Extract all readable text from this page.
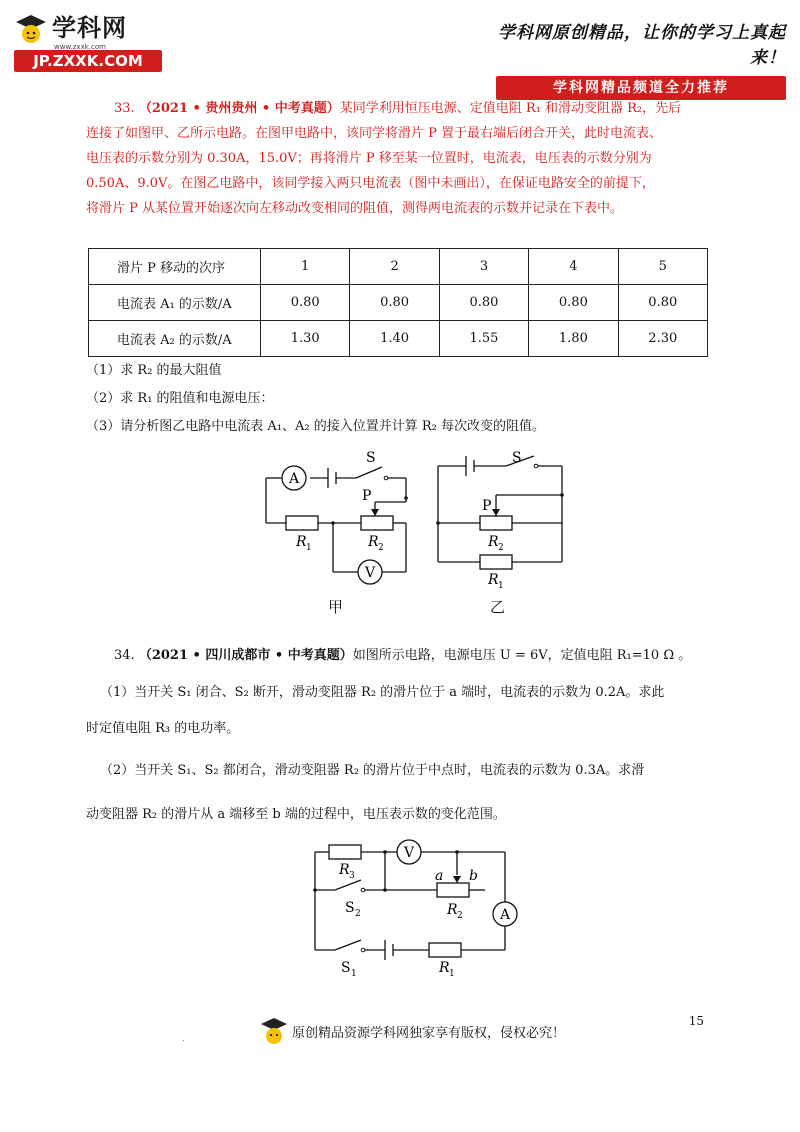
学科网
www.zxxk.com
JP.ZXXK.COM
学科网原创精品，让你的学习上真起来！
学科网精品频道全力推荐
33. （2021 • 贵州贵州 • 中考真题）某同学利用恒压电源、定值电阻 R₁ 和滑动变阻器 R₂，先后
连接了如图甲、乙所示电路。在图甲电路中，该同学将滑片 P 置于最右端后闭合开关，此时电流表、
电压表的示数分别为 0.30A，15.0V；再将滑片 P 移至某一位置时，电流表，电压表的示数分别为
0.50A、9.0V。在图乙电路中，该同学接入两只电流表（图中未画出），在保证电路安全的前提下，
将滑片 P 从某位置开始逐次向左移动改变相同的阻值，测得两电流表的示数并记录在下表中。
滑片 P 移动的次序	1	2	3	4	5
电流表 A₁ 的示数/A	0.80	0.80	0.80	0.80	0.80
电流表 A₂ 的示数/A	1.30	1.40	1.55	1.80	2.30
（1）求 R₂ 的最大阻值
（2）求 R₁ 的阻值和电源电压：
（3）请分析图乙电路中电流表 A₁、A₂ 的接入位置并计算 R₂ 每次改变的阻值。
A
S
P
R 1	R 2
V
甲
S
P
R 2
R 1
乙
34. （2021 • 四川成都市 • 中考真题）如图所示电路，电源电压 U = 6V，定值电阻 R₁=10 Ω 。
（1）当开关 S₁ 闭合、S₂ 断开，滑动变阻器 R₂ 的滑片位于 a 端时，电流表的示数为 0.2A。求此
时定值电阻 R₃ 的电功率。
（2）当开关 S₁、S₂ 都闭合，滑动变阻器 R₂ 的滑片位于中点时，电流表的示数为 0.3A。求滑
动变阻器 R₂ 的滑片从 a 端移至 b 端的过程中，电压表示数的变化范围。
R 3
V
a b
R 2
S 2	A
S 1	R 1
15
.	原创精品资源学科网独家享有版权，侵权必究！
